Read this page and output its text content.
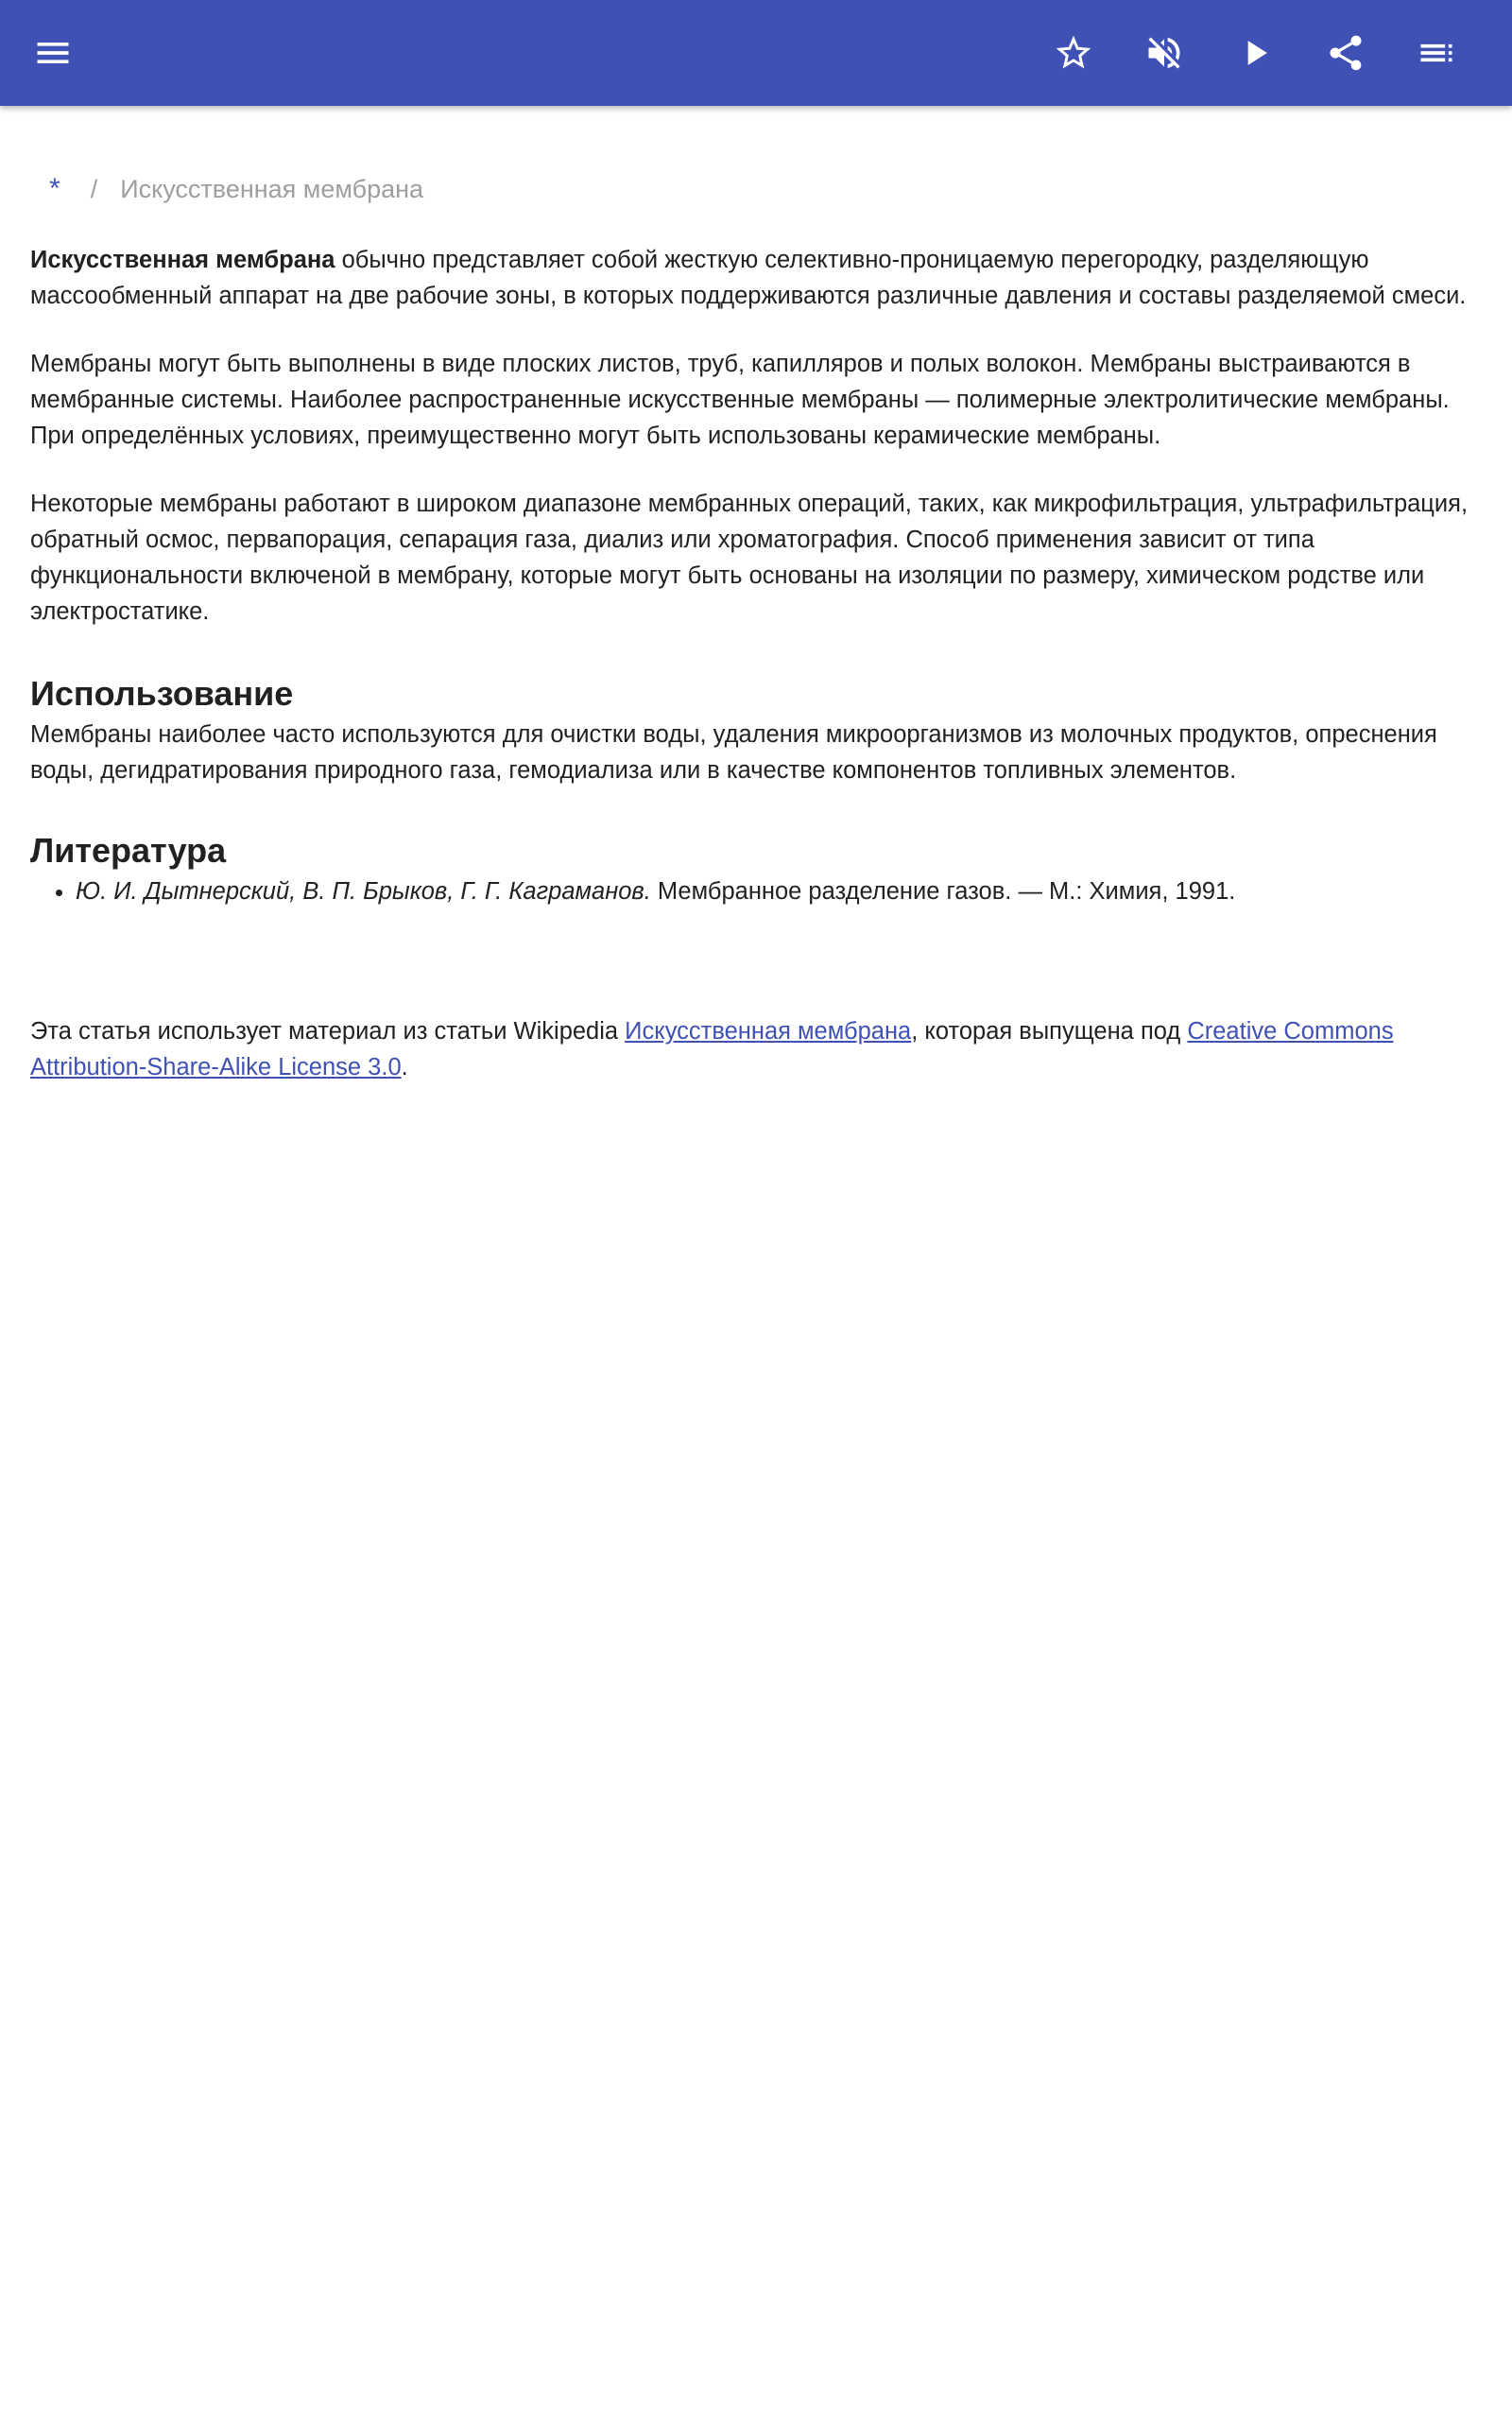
* / Искусственная мембрана

Искусственная мембрана обычно представляет собой жесткую селективно-проницаемую перегородку, разделяющую массообменный аппарат на две рабочие зоны, в которых поддерживаются различные давления и составы разделяемой смеси.

Мембраны могут быть выполнены в виде плоских листов, труб, капилляров и полых волокон. Мембраны выстраиваются в мембранные системы. Наиболее распространенные искусственные мембраны — полимерные электролитические мембраны. При определённых условиях, преимущественно могут быть использованы керамические мембраны.

Некоторые мембраны работают в широком диапазоне мембранных операций, таких, как микрофильтрация, ультрафильтрация, обратный осмос, первапорация, сепарация газа, диализ или хроматография. Способ применения зависит от типа функциональности включеной в мембрану, которые могут быть основаны на изоляции по размеру, химическом родстве или электростатике.

Использование

Мембраны наиболее часто используются для очистки воды, удаления микроорганизмов из молочных продуктов, опреснения воды, дегидратирования природного газа, гемодиализа или в качестве компонентов топливных элементов.

Литература
• Ю. И. Дытнерский, В. П. Брыков, Г. Г. Каграманов. Мембранное разделение газов. — М.: Химия, 1991.

Эта статья использует материал из статьи Wikipedia Искусственная мембрана, которая выпущена под Creative Commons Attribution-Share-Alike License 3.0.
